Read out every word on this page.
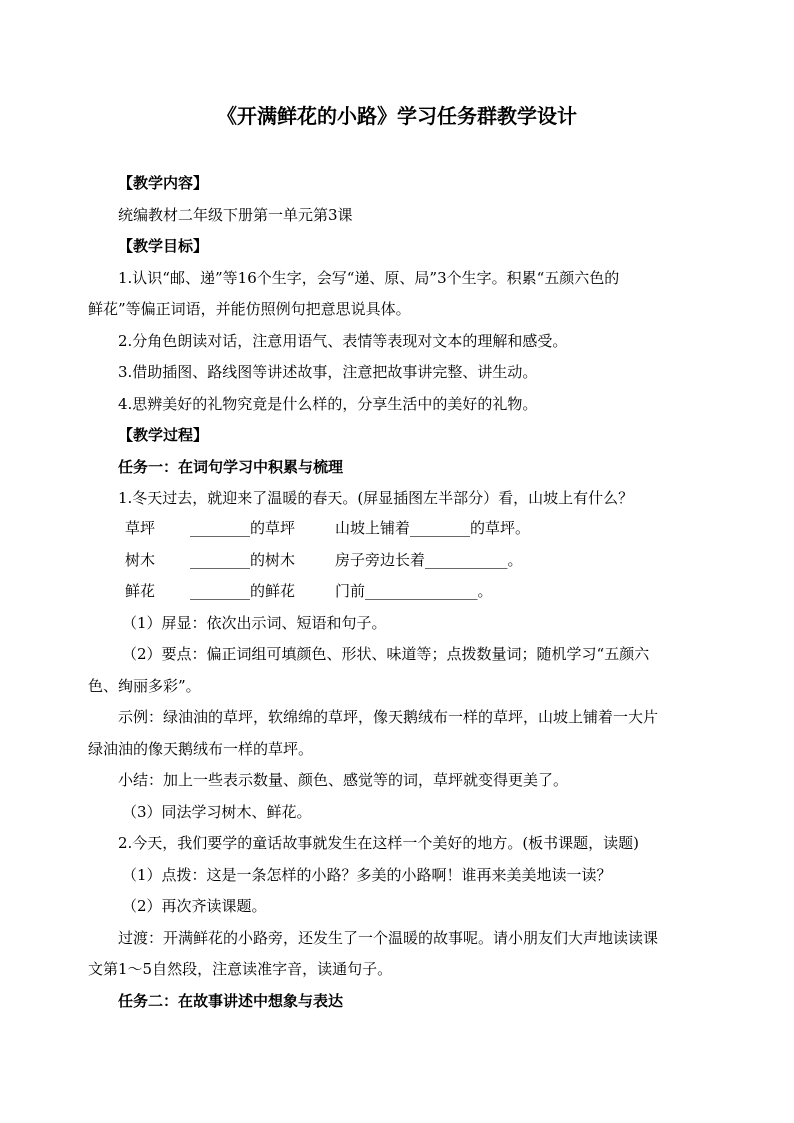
《开满鲜花的小路》学习任务群教学设计
【教学内容】
统编教材二年级下册第一单元第3课
【教学目标】
1.认识“邮、递”等16个生字，会写“递、原、局”3个生字。积累“五颜六色的
鲜花”等偏正词语，并能仿照例句把意思说具体。
2.分角色朗读对话，注意用语气、表情等表现对文本的理解和感受。
3.借助插图、路线图等讲述故事，注意把故事讲完整、讲生动。
4.思辨美好的礼物究竟是什么样的，分享生活中的美好的礼物。
【教学过程】
任务一：在词句学习中积累与梳理
1.冬天过去，就迎来了温暖的春天。(屏显插图左半部分）看，山坡上有什么？
草坪 ________的草坪	山坡上铺着________的草坪。
树木 ________的树木	房子旁边长着___________。
鲜花 ________的鲜花	门前_______________。
（1）屏显：依次出示词、短语和句子。
（2）要点：偏正词组可填颜色、形状、味道等；点拨数量词；随机学习“五颜六
色、绚丽多彩”。
示例：绿油油的草坪，软绵绵的草坪，像天鹅绒布一样的草坪，山坡上铺着一大片
绿油油的像天鹅绒布一样的草坪。
小结：加上一些表示数量、颜色、感觉等的词，草坪就变得更美了。
（3）同法学习树木、鲜花。
2.今天，我们要学的童话故事就发生在这样一个美好的地方。(板书课题，读题)
（1）点拨：这是一条怎样的小路？多美的小路啊！谁再来美美地读一读？
（2）再次齐读课题。
过渡：开满鲜花的小路旁，还发生了一个温暖的故事呢。请小朋友们大声地读读课
文第1～5自然段，注意读准字音，读通句子。
任务二：在故事讲述中想象与表达
